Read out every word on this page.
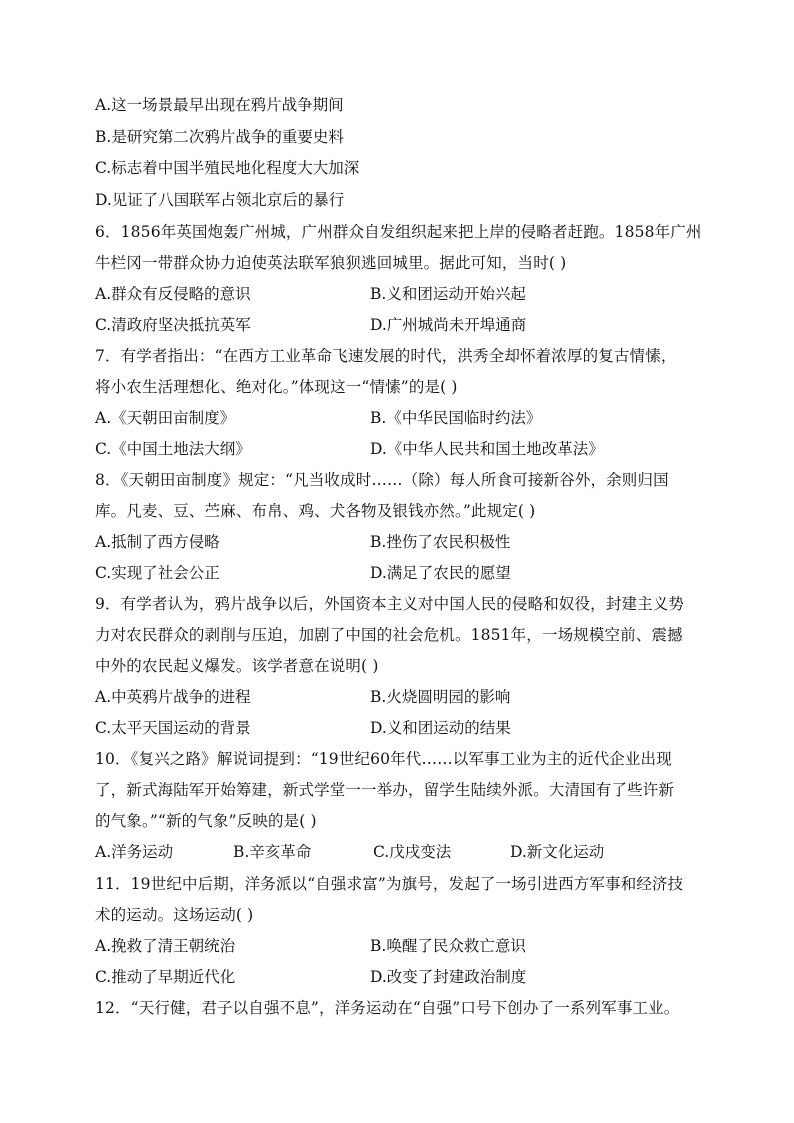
A.这一场景最早出现在鸦片战争期间
B.是研究第二次鸦片战争的重要史料
C.标志着中国半殖民地化程度大大加深
D.见证了八国联军占领北京后的暴行
6．1856年英国炮轰广州城，广州群众自发组织起来把上岸的侵略者赶跑。1858年广州
牛栏冈一带群众协力迫使英法联军狼狈逃回城里。据此可知，当时( )
A.群众有反侵略的意识	B.义和团运动开始兴起
C.清政府坚决抵抗英军	D.广州城尚未开埠通商
7．有学者指出：“在西方工业革命飞速发展的时代，洪秀全却怀着浓厚的复古情愫，
将小农生活理想化、绝对化。”体现这一“情愫”的是( )
A.《天朝田亩制度》	B.《中华民国临时约法》
C.《中国土地法大纲》	D.《中华人民共和国土地改革法》
8．《天朝田亩制度》规定：“凡当收成时……（除）每人所食可接新谷外，余则归国
库。凡麦、豆、苎麻、布帛、鸡、犬各物及银钱亦然。”此规定( )
A.抵制了西方侵略	B.挫伤了农民积极性
C.实现了社会公正	D.满足了农民的愿望
9．有学者认为，鸦片战争以后，外国资本主义对中国人民的侵略和奴役，封建主义势
力对农民群众的剥削与压迫，加剧了中国的社会危机。1851年，一场规模空前、震撼
中外的农民起义爆发。该学者意在说明( )
A.中英鸦片战争的进程	B.火烧圆明园的影响
C.太平天国运动的背景	D.义和团运动的结果
10．《复兴之路》解说词提到：“19世纪60年代……以军事工业为主的近代企业出现
了，新式海陆军开始筹建，新式学堂一一举办，留学生陆续外派。大清国有了些许新
的气象。”“新的气象”反映的是( )
A.洋务运动	B.辛亥革命	C.戊戌变法	D.新文化运动
11．19世纪中后期，洋务派以“自强求富”为旗号，发起了一场引进西方军事和经济技
术的运动。这场运动( )
A.挽救了清王朝统治	B.唤醒了民众救亡意识
C.推动了早期近代化	D.改变了封建政治制度
12．“天行健，君子以自强不息”，洋务运动在“自强”口号下创办了一系列军事工业。
